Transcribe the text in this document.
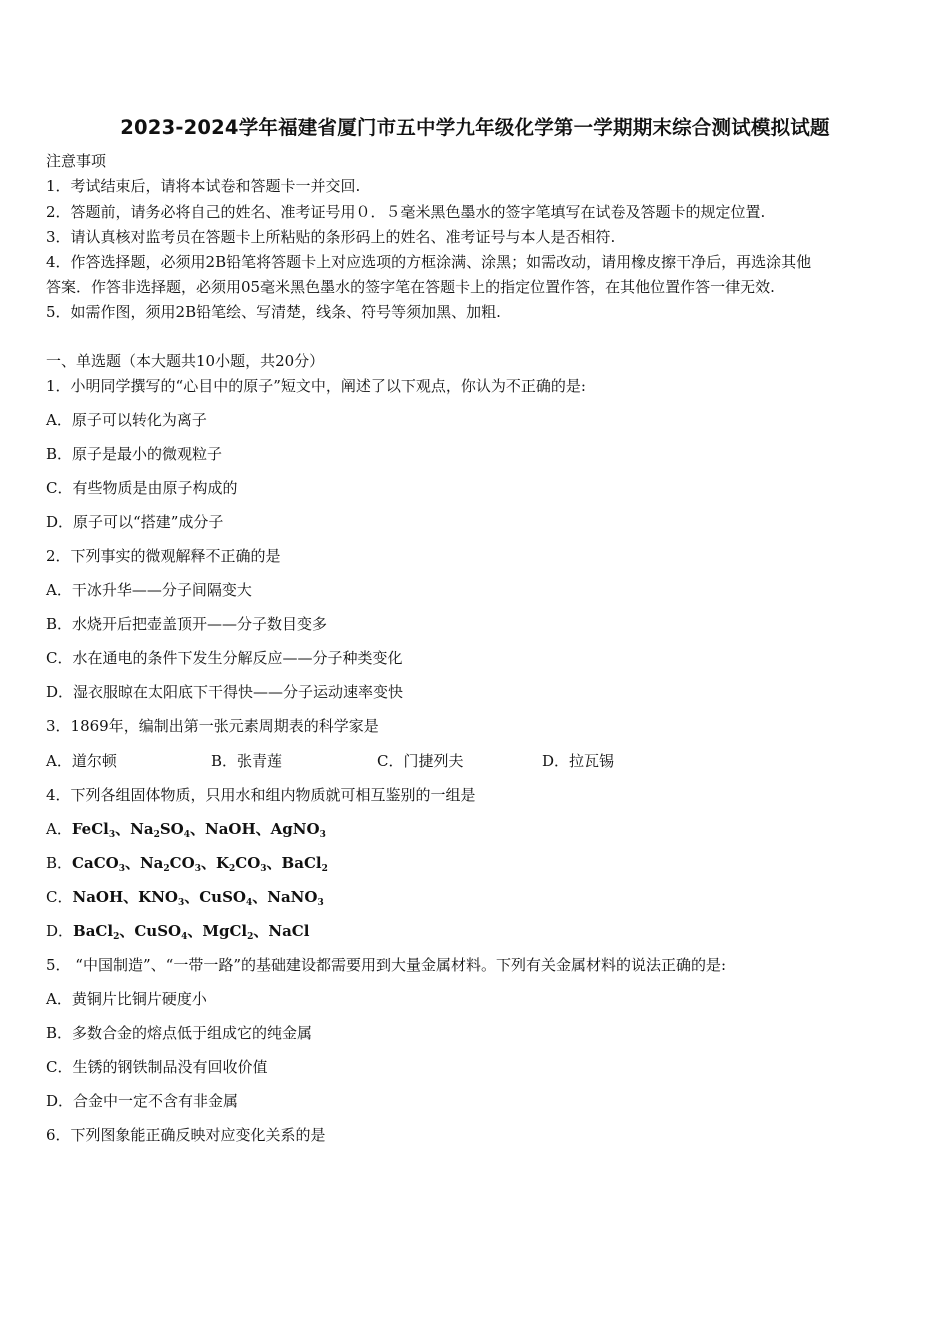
2023-2024学年福建省厦门市五中学九年级化学第一学期期末综合测试模拟试题
注意事项
1．考试结束后，请将本试卷和答题卡一并交回.
2．答题前，请务必将自己的姓名、准考证号用０．５毫米黑色墨水的签字笔填写在试卷及答题卡的规定位置.
3．请认真核对监考员在答题卡上所粘贴的条形码上的姓名、准考证号与本人是否相符.
4．作答选择题，必须用2B铅笔将答题卡上对应选项的方框涂满、涂黑；如需改动，请用橡皮擦干净后，再选涂其他
答案．作答非选择题，必须用05毫米黑色墨水的签字笔在答题卡上的指定位置作答，在其他位置作答一律无效.
5．如需作图，须用2B铅笔绘、写清楚，线条、符号等须加黑、加粗.
一、单选题（本大题共10小题，共20分）
1．小明同学撰写的“心目中的原子”短文中，阐述了以下观点，你认为不正确的是:
A．原子可以转化为离子
B．原子是最小的微观粒子
C．有些物质是由原子构成的
D．原子可以“搭建”成分子
2．下列事实的微观解释不正确的是
A．干冰升华——分子间隔变大
B．水烧开后把壶盖顶开——分子数目变多
C．水在通电的条件下发生分解反应——分子种类变化
D．湿衣服晾在太阳底下干得快——分子运动速率变快
3．1869年，编制出第一张元素周期表的科学家是
A．道尔顿	B．张青莲	C．门捷列夫	D．拉瓦锡
4．下列各组固体物质，只用水和组内物质就可相互鉴别的一组是
A．FeCl$_3$、$Na_2SO_4$、NaOH、AgNO$_3$
B．CaCO$_3$、$Na_2CO_3$、$K_2CO_3$、BaCl$_2$
C．NaOH、$KNO_3$、CuSO$_4$、NaNO$_3$
D．BaCl$_2$、CuSO$_4$、MgCl$_2$、NaCl
5． “中国制造”、“一带一路”的基础建设都需要用到大量金属材料。下列有关金属材料的说法正确的是:
A．黄铜片比铜片硬度小
B．多数合金的熔点低于组成它的纯金属
C．生锈的钢铁制品没有回收价值
D．合金中一定不含有非金属
6．下列图象能正确反映对应变化关系的是
